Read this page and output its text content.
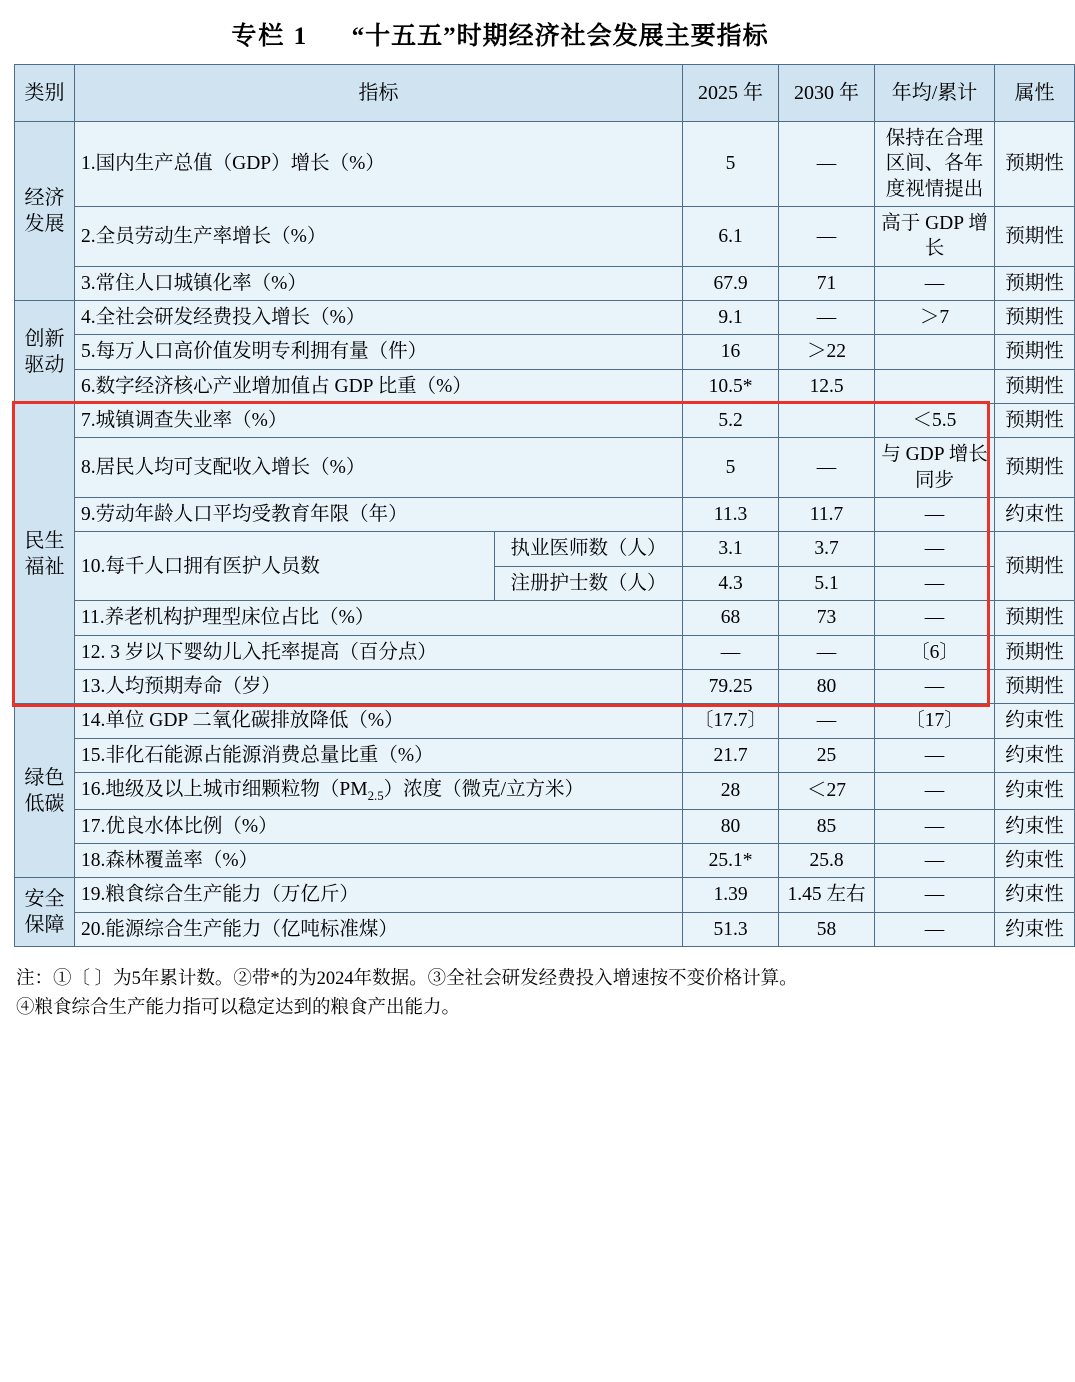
专栏 1 “十五五”时期经济社会发展主要指标
类别	指标		2025 年	2030 年	年均/累计	属性
经济
发展	1.国内生产总值（GDP）增长（%）		5	—	保持在合理区间、各年度视情提出	预期性
	2.全员劳动生产率增长（%）		6.1	—	高于 GDP 增长	预期性
	3.常住人口城镇化率（%）		67.9	71	—	预期性
创新
驱动	4.全社会研发经费投入增长（%）		9.1	—	＞7	预期性
	5.每万人口高价值发明专利拥有量（件）		16	＞22		预期性
	6.数字经济核心产业增加值占 GDP 比重（%）		10.5*	12.5		预期性
民生
福祉	7.城镇调查失业率（%）		5.2		＜5.5	预期性
	8.居民人均可支配收入增长（%）		5	—	与 GDP 增长同步	预期性
	9.劳动年龄人口平均受教育年限（年）		11.3	11.7	—	约束性
	10.每千人口拥有医护人员数	执业医师数（人）	3.1	3.7	—	预期性
		注册护士数（人）	4.3	5.1	—	
	11.养老机构护理型床位占比（%）		68	73	—	预期性
	12. 3 岁以下婴幼儿入托率提高（百分点）		—	—	〔6〕	预期性
	13.人均预期寿命（岁）		79.25	80	—	预期性
绿色
低碳	14.单位 GDP 二氧化碳排放降低（%）		〔17.7〕	—	〔17〕	约束性
	15.非化石能源占能源消费总量比重（%）		21.7	25	—	约束性
	16.地级及以上城市细颗粒物$(PM_{2.5})$浓度（微克/立方米）		28	＜27	—	约束性
	17.优良水体比例（%）		80	85	—	约束性
	18.森林覆盖率（%）		25.1*	25.8	—	约束性
安全
保障	19.粮食综合生产能力（万亿斤）		1.39	1.45 左右	—	约束性
	20.能源综合生产能力（亿吨标准煤）		51.3	58	—	约束性
注：①〔 〕为5年累计数。②带*的为2024年数据。③全社会研发经费投入增速按不变价格计算。
④粮食综合生产能力指可以稳定达到的粮食产出能力。
